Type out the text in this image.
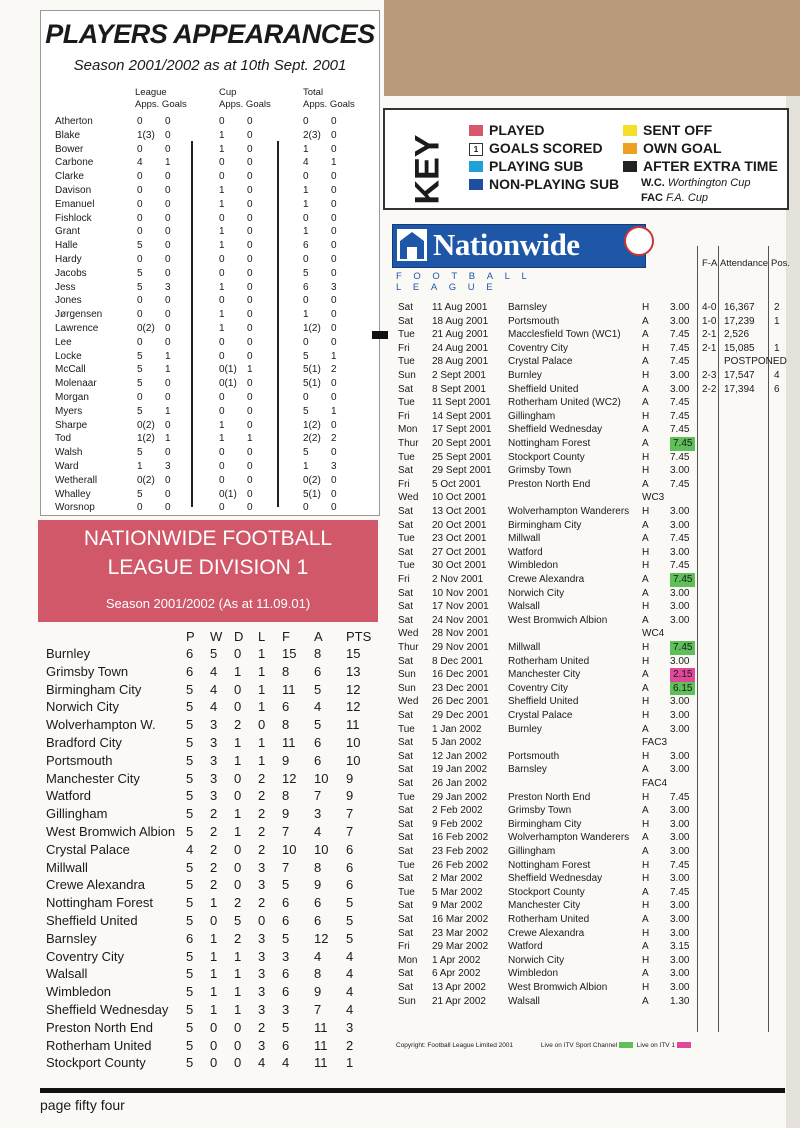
PLAYERS APPEARANCES
Season 2001/2002 as at 10th Sept. 2001
League
Apps. Goals
Cup
Apps. Goals
Total
Apps. Goals
Atherton	0 0	0 0	0 0
Blake	1(3) 0	1 0	2(3) 0
Bower	0 0	1 0	1 0
Carbone	4 1	0 0	4 1
Clarke	0 0	0 0	0 0
Davison	0 0	1 0	1 0
Emanuel	0 0	1 0	1 0
Fishlock	0 0	0 0	0 0
Grant	0 0	1 0	1 0
Halle	5 0	1 0	6 0
Hardy	0 0	0 0	0 0
Jacobs	5 0	0 0	5 0
Jess	5 3	1 0	6 3
Jones	0 0	0 0	0 0
Jørgensen	0 0	1 0	1 0
Lawrence	0(2) 0	1 0	1(2) 0
Lee	0 0	0 0	0 0
Locke	5 1	0 0	5 1
McCall	5 1	0(1) 1	5(1) 2
Molenaar	5 0	0(1) 0	5(1) 0
Morgan	0 0	0 0	0 0
Myers	5 1	0 0	5 1
Sharpe	0(2) 0	1 0	1(2) 0
Tod	1(2) 1	1 1	2(2) 2
Walsh	5 0	0 0	5 0
Ward	1 3	0 0	1 3
Wetherall	0(2) 0	0 0	0(2) 0
Whalley	5 0	0(1) 0	5(1) 0
Worsnop	0 0	0 0	0 0
NATIONWIDE FOOTBALL
LEAGUE DIVISION 1
Season 2001/2002 (As at 11.09.01)
P W D L F A PTS
Burnley	6 5 0 1 15 8 15
Grimsby Town	6 4 1 1 8 6 13
Birmingham City	5 4 0 1 11 5 12
Norwich City	5 4 0 1 6 4 12
Wolverhampton W. 5 3 2 0 8 5 11
Bradford City	5 3 1 1 11 6 10
Portsmouth	5 3 1 1 9 6 10
Manchester City	5 3 0 2 12 10 9
Watford	5 3 0 2 8 7 9
Gillingham	5 2 1 2 9 3 7
West Bromwich Albion 5 2 1 2 7 4 7
Crystal Palace	4 2 0 2 10 10 6
Millwall	5 2 0 3 7 8 6
Crewe Alexandra	5 2 0 3 5 9 6
Nottingham Forest	5 1 2 2 6 6 5
Sheffield United	5 0 5 0 6 6 5
Barnsley	6 1 2 3 5 12 5
Coventry City	5 1 1 3 3 4 4
Walsall	5 1 1 3 6 8 4
Wimbledon	5 1 1 3 6 9 4
Sheffield Wednesday 5 1 1 3 3 7 4
Preston North End	5 0 0 2 5 11 3
Rotherham United	5 0 0 3 6 11 2
Stockport County	5 0 0 4 4 11 1
KEY
PLAYED
1 GOALS SCORED
PLAYING SUB
NON-PLAYING SUB
SENT OFF
OWN GOAL
AFTER EXTRA TIME
W.C. Worthington Cup
FAC F.A. Cup
Nationwide
FOOTBALL LEAGUE
F-A Attendance Pos.
Sat 11 Aug 2001 Barnsley	H 3.00 4-0 16,367 2
Sat 18 Aug 2001 Portsmouth	A 3.00 1-0 17,239 1
Tue 21 Aug 2001 Macclesfield Town (WC1) A 7.45 2-1 2,526
Fri 24 Aug 2001 Coventry City	H 7.45 2-1 15,085 1
Tue 28 Aug 2001 Crystal Palace	A 7.45	POSTPONED
Sun 2 Sept 2001 Burnley	H 3.00 2-3 17,547 4
Sat 8 Sept 2001 Sheffield United	A 3.00 2-2 17,394 6
Tue 11 Sept 2001 Rotherham United (WC2) A 7.45
Fri 14 Sept 2001 Gillingham	H 7.45
Mon 17 Sept 2001 Sheffield Wednesday	A 7.45
Thur 20 Sept 2001 Nottingham Forest	A	7.45
Tue 25 Sept 2001 Stockport County	H 7.45
Sat 29 Sept 2001 Grimsby Town	H 3.00
Fri 5 Oct 2001	Preston North End	A 7.45
Wed 10 Oct 2001	WC3
Sat 13 Oct 2001 Wolverhampton Wanderers H 3.00
Sat 20 Oct 2001 Birmingham City	A 3.00
Tue 23 Oct 2001 Millwall	A 7.45
Sat 27 Oct 2001 Watford	H 3.00
Tue 30 Oct 2001 Wimbledon	H 7.45
Fri 2 Nov 2001 Crewe Alexandra	A	7.45
Sat 10 Nov 2001 Norwich City	A 3.00
Sat 17 Nov 2001 Walsall	H 3.00
Sat 24 Nov 2001 West Bromwich Albion	A 3.00
Wed 28 Nov 2001	WC4
Thur 29 Nov 2001 Millwall	H	7.45
Sat 8 Dec 2001 Rotherham United	H 3.00
Sun 16 Dec 2001 Manchester City	A	2.15
Sun 23 Dec 2001 Coventry City	A	6.15
Wed 26 Dec 2001 Sheffield United	H 3.00
Sat 29 Dec 2001 Crystal Palace	H 3.00
Tue 1 Jan 2002	Burnley	A 3.00
Sat 5 Jan 2002	FAC3
Sat 12 Jan 2002 Portsmouth	H 3.00
Sat 19 Jan 2002 Barnsley	A 3.00
Sat 26 Jan 2002	FAC4
Tue 29 Jan 2002 Preston North End	H 7.45
Sat 2 Feb 2002	Grimsby Town	A 3.00
Sat 9 Feb 2002	Birmingham City	H 3.00
Sat 16 Feb 2002 Wolverhampton Wanderers A 3.00
Sat 23 Feb 2002 Gillingham	A 3.00
Tue 26 Feb 2002 Nottingham Forest	H 7.45
Sat 2 Mar 2002	Sheffield Wednesday	H 3.00
Tue 5 Mar 2002	Stockport County	A 7.45
Sat 9 Mar 2002	Manchester City	H 3.00
Sat 16 Mar 2002 Rotherham United	A 3.00
Sat 23 Mar 2002 Crewe Alexandra	H 3.00
Fri 29 Mar 2002 Watford	A 3.15
Mon 1 Apr 2002	Norwich City	H 3.00
Sat 6 Apr 2002	Wimbledon	A 3.00
Sat 13 Apr 2002 West Bromwich Albion	H 3.00
Sun 21 Apr 2002 Walsall	A 1.30
Copyright: Football League Limited 2001	Live on ITV Sport Channel	Live on ITV 1
page fifty four
